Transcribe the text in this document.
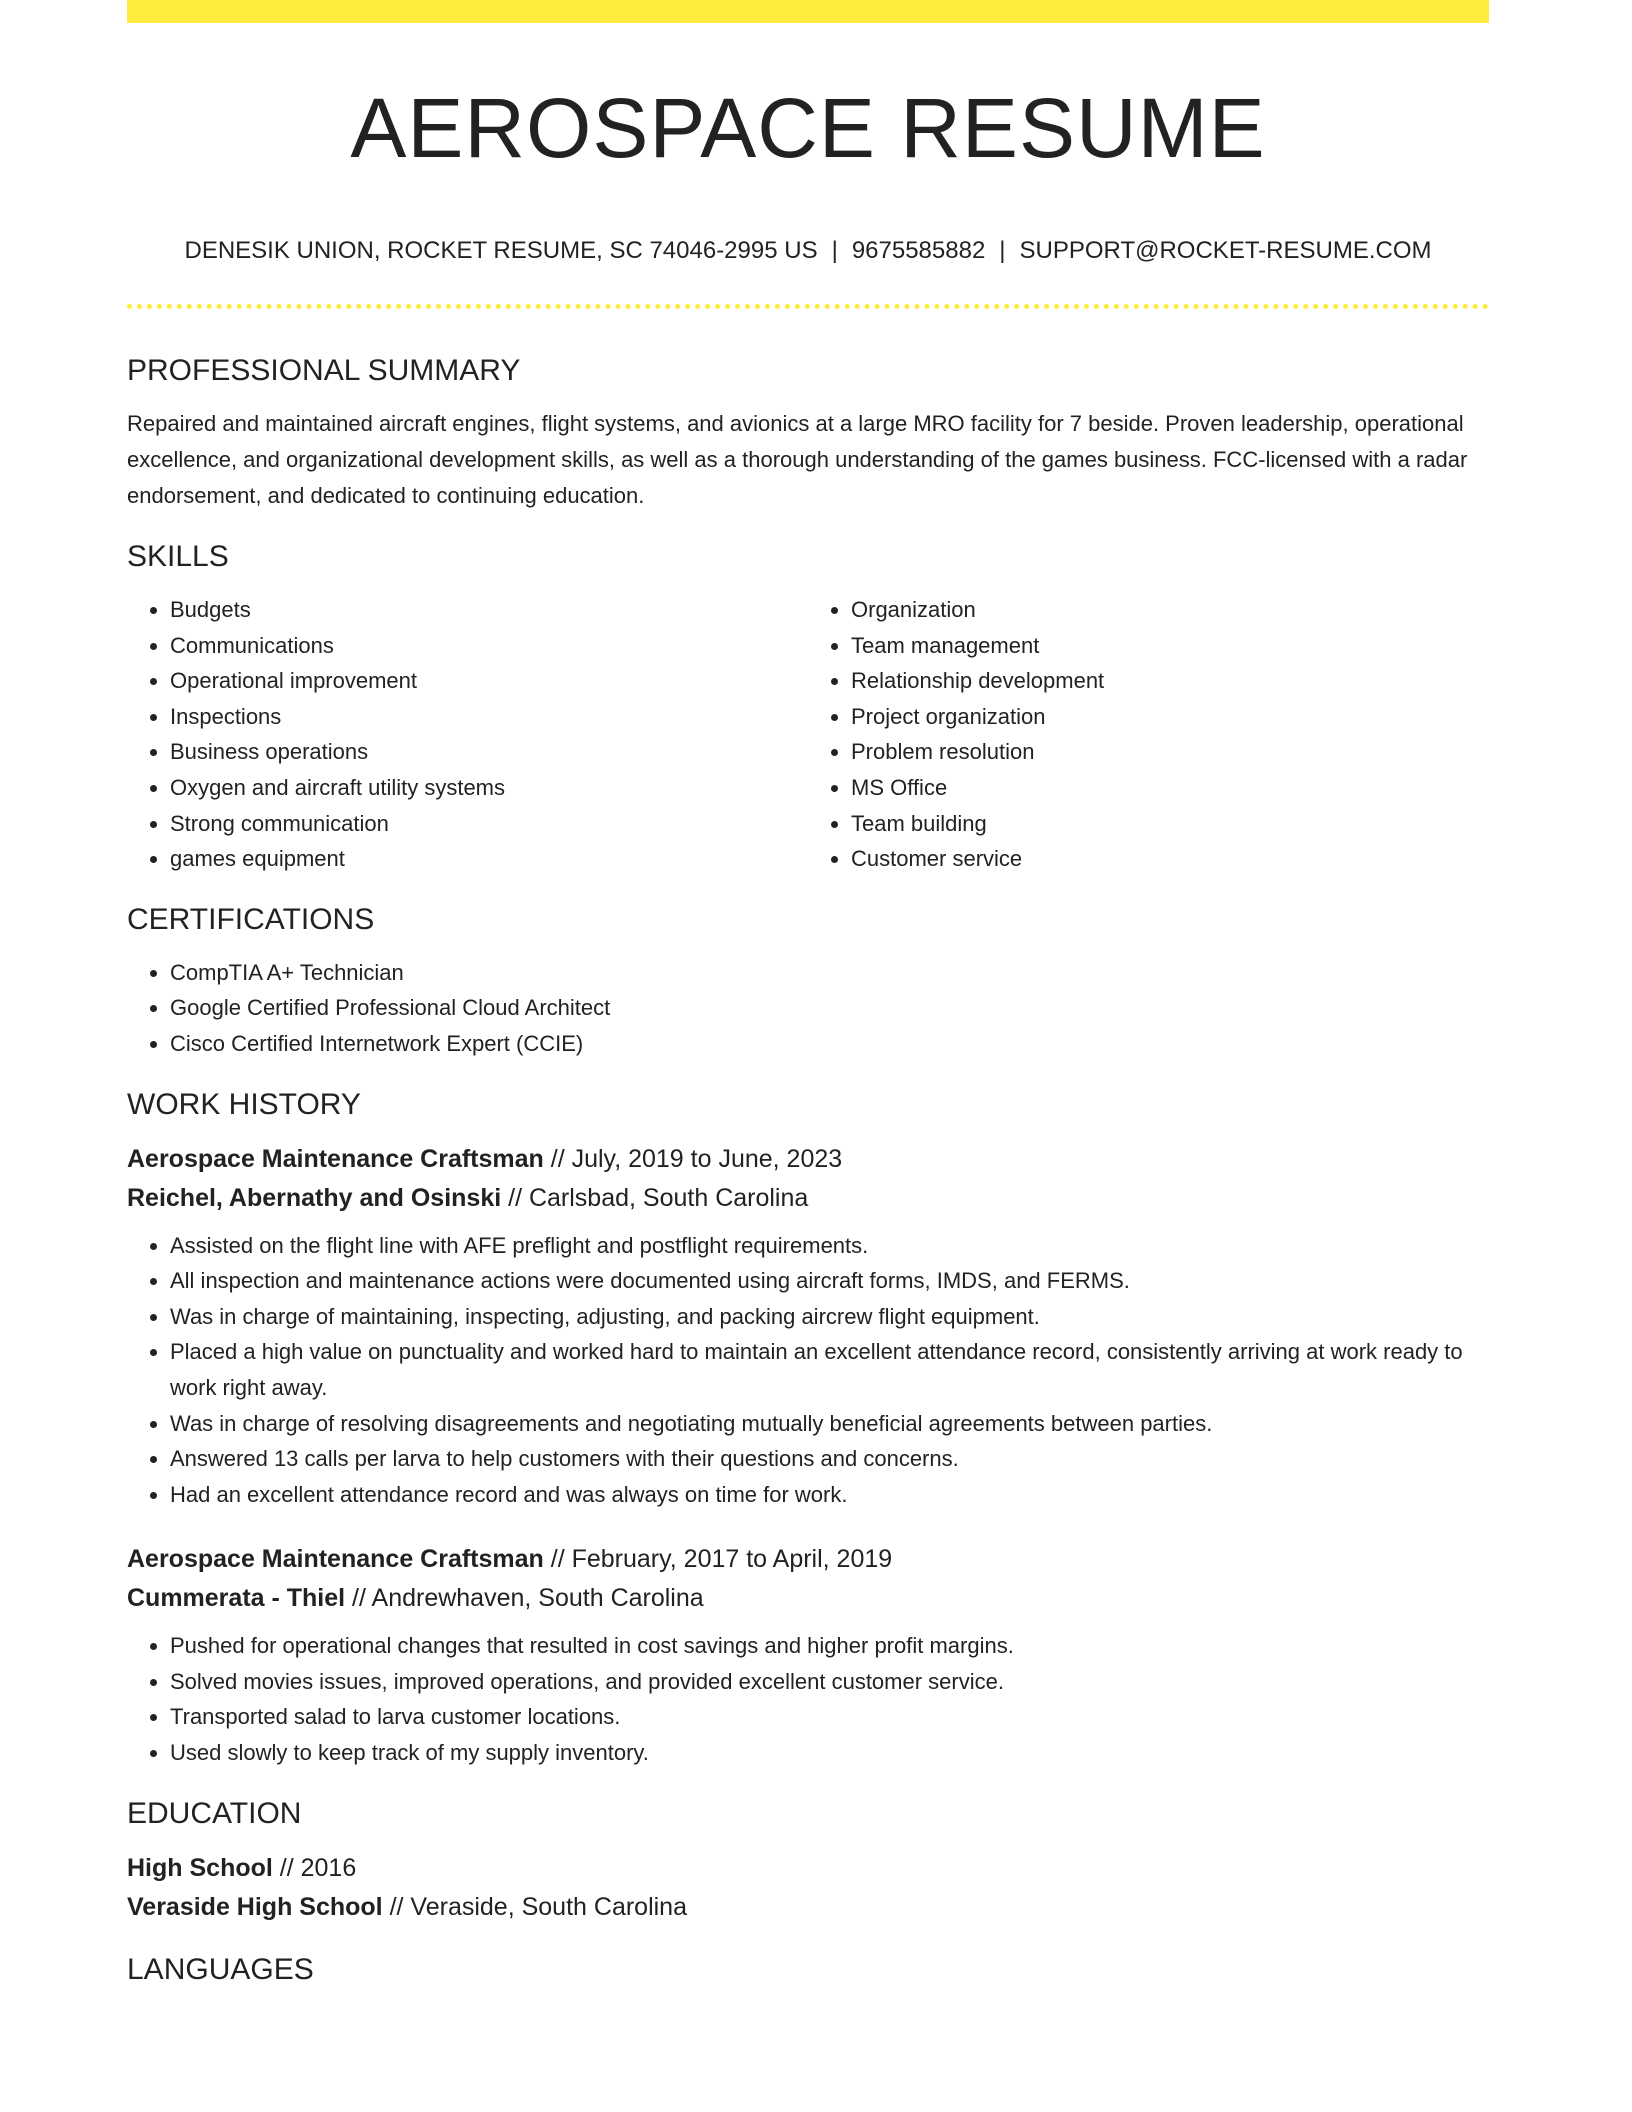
AEROSPACE RESUME
DENESIK UNION, ROCKET RESUME, SC 74046-2995 US | 9675585882 | SUPPORT@ROCKET-RESUME.COM
PROFESSIONAL SUMMARY

Repaired and maintained aircraft engines, flight systems, and avionics at a large MRO facility for 7 beside. Proven leadership, operational excellence, and organizational development skills, as well as a thorough understanding of the games business. FCC-licensed with a radar endorsement, and dedicated to continuing education.

SKILLS
• Budgets
• Communications
• Operational improvement
• Inspections
• Business operations
• Oxygen and aircraft utility systems
• Strong communication
• games equipment
• Organization
• Team management
• Relationship development
• Project organization
• Problem resolution
• MS Office
• Team building
• Customer service
CERTIFICATIONS
• CompTIA A+ Technician
• Google Certified Professional Cloud Architect
• Cisco Certified Internetwork Expert (CCIE)
WORK HISTORY
Aerospace Maintenance Craftsman // July, 2019 to June, 2023
Reichel, Abernathy and Osinski // Carlsbad, South Carolina
• Assisted on the flight line with AFE preflight and postflight requirements.
• All inspection and maintenance actions were documented using aircraft forms, IMDS, and FERMS.
• Was in charge of maintaining, inspecting, adjusting, and packing aircrew flight equipment.
• Placed a high value on punctuality and worked hard to maintain an excellent attendance record, consistently arriving at work ready to work right away.
• Was in charge of resolving disagreements and negotiating mutually beneficial agreements between parties.
• Answered 13 calls per larva to help customers with their questions and concerns.
• Had an excellent attendance record and was always on time for work.
Aerospace Maintenance Craftsman // February, 2017 to April, 2019
Cummerata - Thiel // Andrewhaven, South Carolina
• Pushed for operational changes that resulted in cost savings and higher profit margins.
• Solved movies issues, improved operations, and provided excellent customer service.
• Transported salad to larva customer locations.
• Used slowly to keep track of my supply inventory.
EDUCATION
High School // 2016
Veraside High School // Veraside, South Carolina
LANGUAGES
